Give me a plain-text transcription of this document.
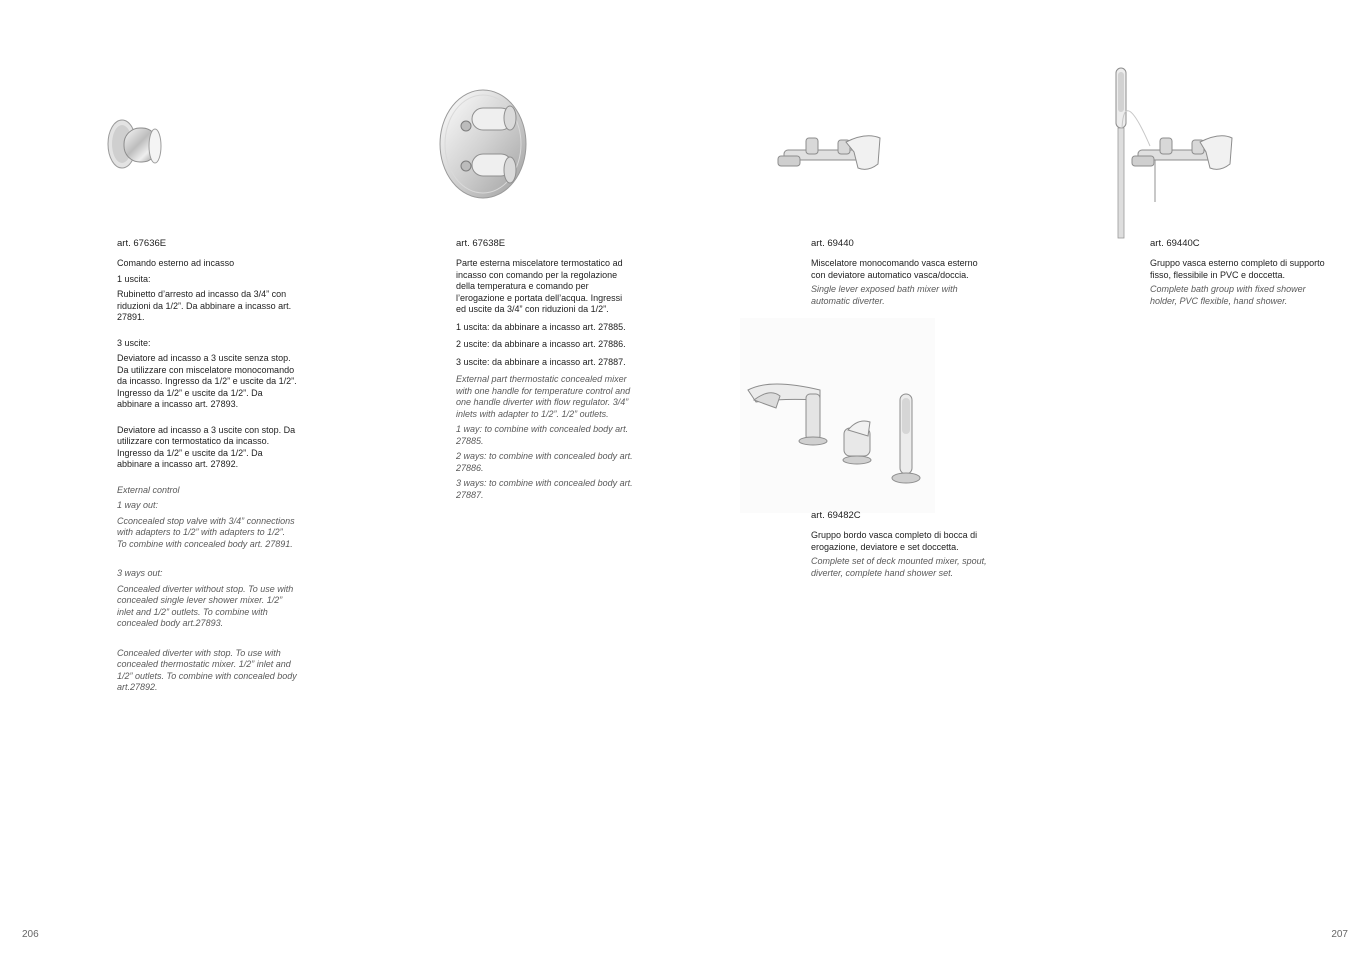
art. 67636E

Comando esterno ad incasso

1 uscita:

Rubinetto d’arresto ad incasso da 3/4” con riduzioni da 1/2”. Da abbinare a incasso art. 27891.

3 uscite:

Deviatore ad incasso a 3 uscite senza stop. Da utilizzare con miscelatore monocomando da incasso. Ingresso da 1/2” e uscite da 1/2”. Ingresso da 1/2” e uscite da 1/2”. Da abbinare a incasso art. 27893.

Deviatore ad incasso a 3 uscite con stop. Da utilizzare con termostatico da incasso. Ingresso da 1/2” e uscite da 1/2”. Da abbinare a incasso art. 27892.

External control

1 way out:

Cconcealed stop valve with 3/4” connections with adapters to 1/2” with adapters to 1/2”. To combine with concealed body art. 27891.

3 ways out:

Concealed diverter without stop. To use with concealed single lever shower mixer. 1/2” inlet and 1/2” outlets. To combine with concealed body art.27893.

Concealed diverter with stop. To use with concealed thermostatic mixer. 1/2” inlet and 1/2” outlets. To combine with concealed body art.27892.

art. 67638E

Parte esterna miscelatore termostatico ad incasso con comando per la regolazione della temperatura e comando per l’erogazione e portata dell’acqua. Ingressi ed uscite da 3/4” con riduzioni da 1/2”.

1 uscita: da abbinare a incasso art. 27885.

2 uscite: da abbinare a incasso art. 27886.

3 uscite: da abbinare a incasso art. 27887.

External part thermostatic concealed mixer with one handle for temperature control and one handle diverter with flow regulator. 3/4” inlets with adapter to 1/2”. 1/2” outlets.

1 way: to combine with concealed body art. 27885.

2 ways: to combine with concealed body art. 27886.

3 ways: to combine with concealed body art. 27887.

art. 69440

Miscelatore monocomando vasca esterno con deviatore automatico vasca/doccia.

Single lever exposed bath mixer with automatic diverter.

art. 69482C

Gruppo bordo vasca completo di bocca di erogazione, deviatore e set doccetta.

Complete set of deck mounted mixer, spout, diverter, complete hand shower set.

art. 69440C

Gruppo vasca esterno completo di supporto fisso, flessibile in PVC e doccetta.

Complete bath group with fixed shower holder, PVC flexible, hand shower.

206	207
